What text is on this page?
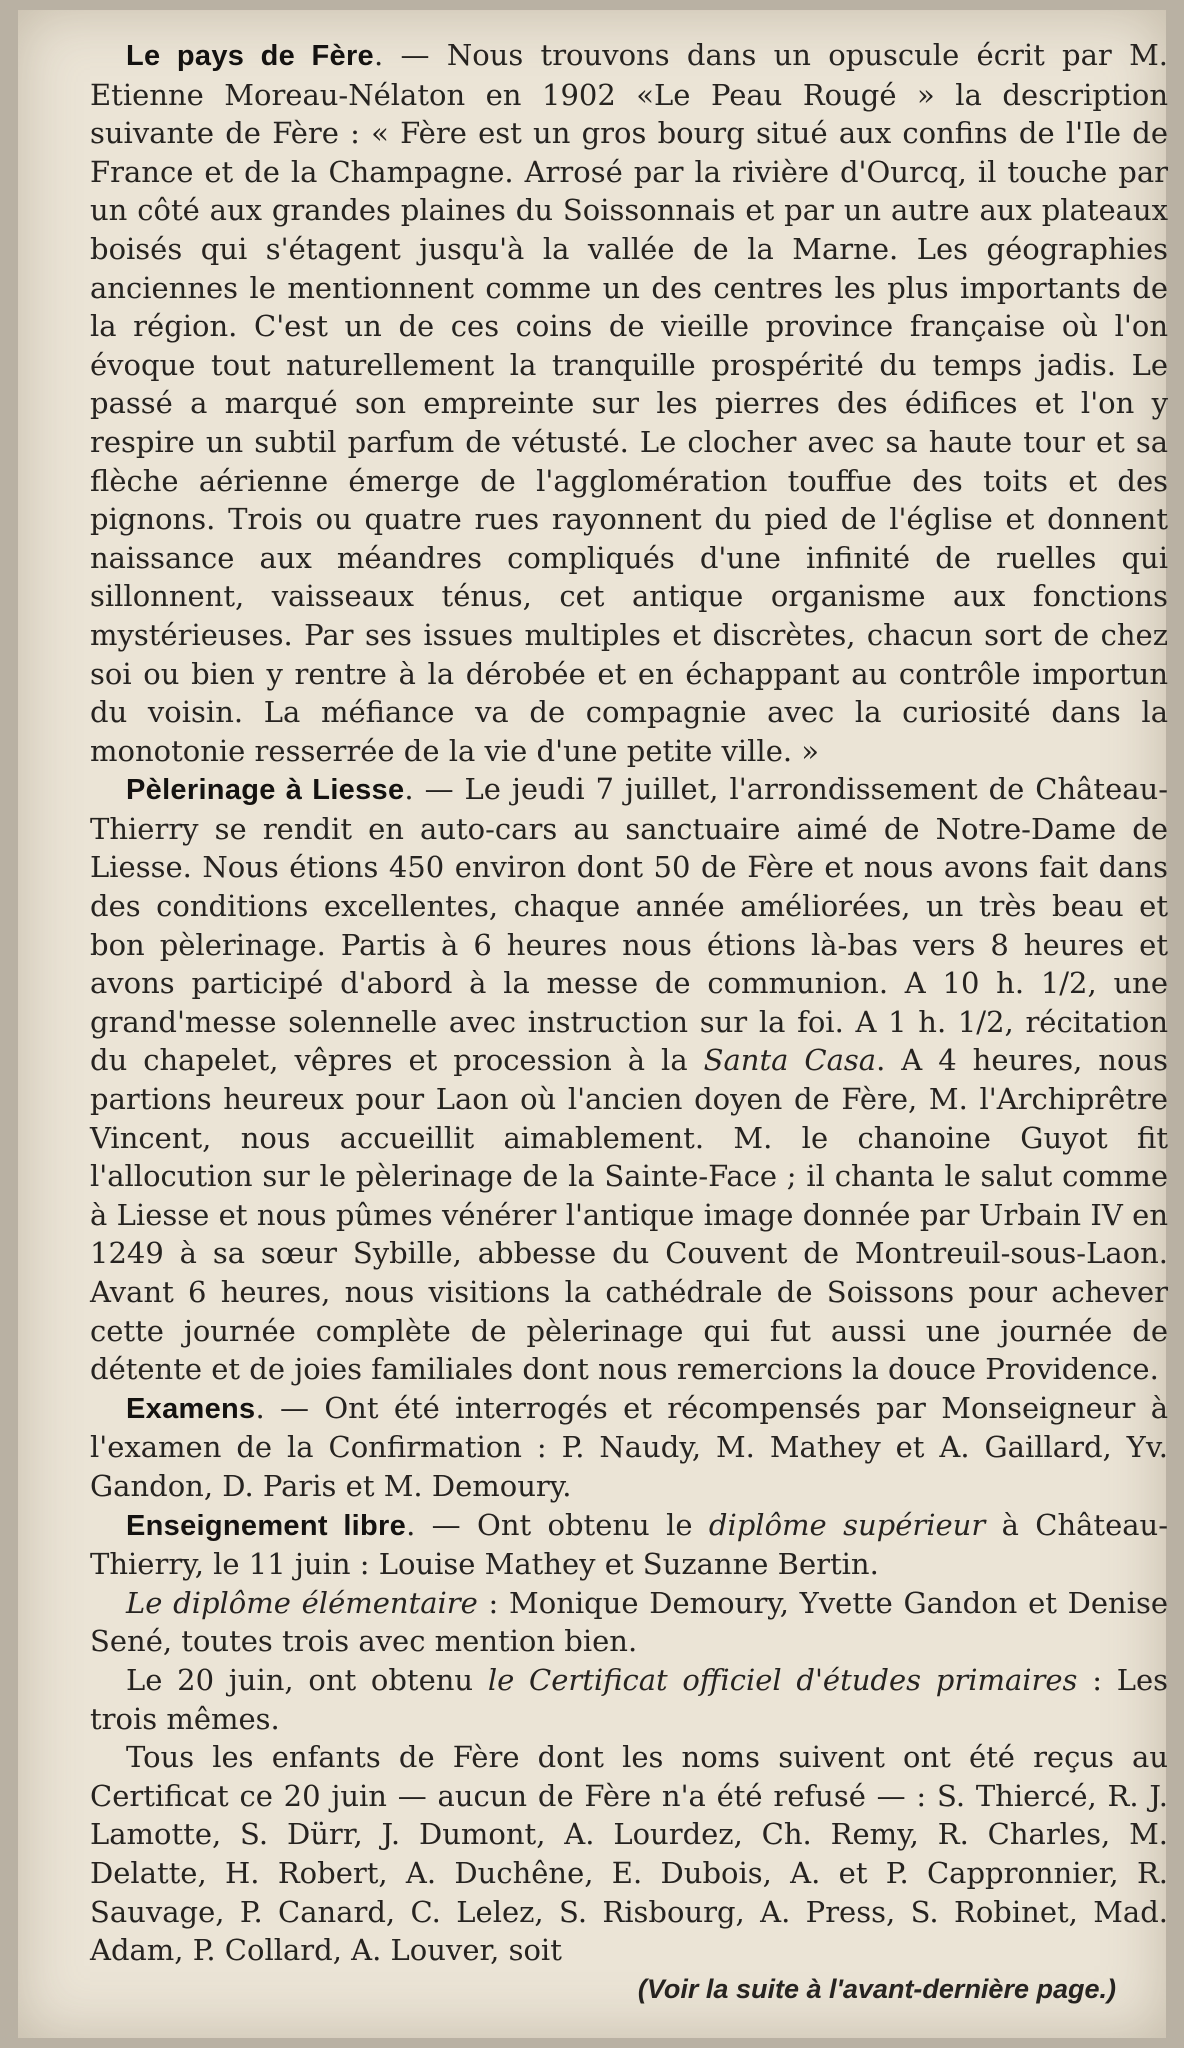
Le pays de Fère. — Nous trouvons dans un opuscule écrit par M. Etienne Moreau-Nélaton en 1902 «Le Peau Rougé » la description suivante de Fère : « Fère est un gros bourg situé aux confins de l'Ile de France et de la Champagne. Arrosé par la rivière d'Ourcq, il touche par un côté aux grandes plaines du Soissonnais et par un autre aux plateaux boisés qui s'étagent jusqu'à la vallée de la Marne. Les géographies anciennes le mentionnent comme un des centres les plus importants de la région. C'est un de ces coins de vieille province française où l'on évoque tout naturellement la tranquille prospérité du temps jadis. Le passé a marqué son empreinte sur les pierres des édifices et l'on y respire un subtil parfum de vétusté. Le clocher avec sa haute tour et sa flèche aérienne émerge de l'agglomération touffue des toits et des pignons. Trois ou quatre rues rayonnent du pied de l'église et donnent naissance aux méandres compliqués d'une infinité de ruelles qui sillonnent, vaisseaux ténus, cet antique organisme aux fonctions mystérieuses. Par ses issues multiples et discrètes, chacun sort de chez soi ou bien y rentre à la dérobée et en échappant au contrôle importun du voisin. La méfiance va de compagnie avec la curiosité dans la monotonie resserrée de la vie d'une petite ville. »

Pèlerinage à Liesse. — Le jeudi 7 juillet, l'arrondissement de Château-Thierry se rendit en auto-cars au sanctuaire aimé de Notre-Dame de Liesse. Nous étions 450 environ dont 50 de Fère et nous avons fait dans des conditions excellentes, chaque année améliorées, un très beau et bon pèlerinage. Partis à 6 heures nous étions là-bas vers 8 heures et avons participé d'abord à la messe de communion. A 10 h. 1/2, une grand'messe solennelle avec instruction sur la foi. A 1 h. 1/2, récitation du chapelet, vêpres et procession à la Santa Casa. A 4 heures, nous partions heureux pour Laon où l'ancien doyen de Fère, M. l'Archiprêtre Vincent, nous accueillit aimablement. M. le chanoine Guyot fit l'allocution sur le pèlerinage de la Sainte-Face ; il chanta le salut comme à Liesse et nous pûmes vénérer l'antique image donnée par Urbain IV en 1249 à sa sœur Sybille, abbesse du Couvent de Montreuil-sous-Laon. Avant 6 heures, nous visitions la cathédrale de Soissons pour achever cette journée complète de pèlerinage qui fut aussi une journée de détente et de joies familiales dont nous remercions la douce Providence.

Examens. — Ont été interrogés et récompensés par Monseigneur à l'examen de la Confirmation : P. Naudy, M. Mathey et A. Gaillard, Yv. Gandon, D. Paris et M. Demoury.

Enseignement libre. — Ont obtenu le diplôme supérieur à Château-Thierry, le 11 juin : Louise Mathey et Suzanne Bertin.

Le diplôme élémentaire : Monique Demoury, Yvette Gandon et Denise Sené, toutes trois avec mention bien.

Le 20 juin, ont obtenu le Certificat officiel d'études primaires : Les trois mêmes.

Tous les enfants de Fère dont les noms suivent ont été reçus au Certificat ce 20 juin — aucun de Fère n'a été refusé — : S. Thiercé, R. J. Lamotte, S. Dürr, J. Dumont, A. Lourdez, Ch. Remy, R. Charles, M. Delatte, H. Robert, A. Duchêne, E. Dubois, A. et P. Cappronnier, R. Sauvage, P. Canard, C. Lelez, S. Risbourg, A. Press, S. Robinet, Mad. Adam, P. Collard, A. Louver, soit

(Voir la suite à l'avant-dernière page.)
